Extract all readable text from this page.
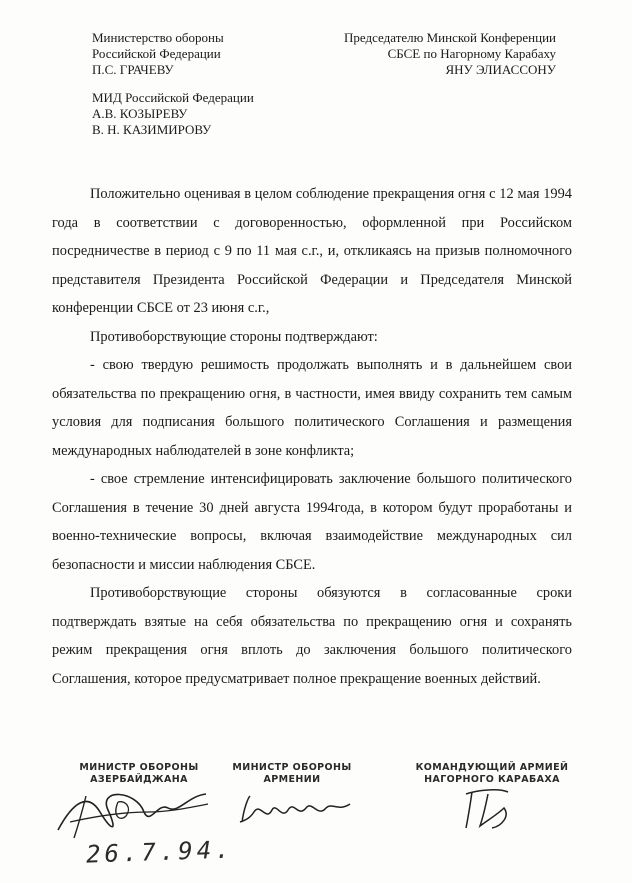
Министерство обороны
Российской Федерации
П.С. ГРАЧЕВУ
Председателю Минской Конференции
СБСЕ по Нагорному Карабаху
ЯНУ ЭЛИАССОНУ
МИД Российской Федерации
А.В. КОЗЫРЕВУ
В. Н. КАЗИМИРОВУ

Положительно оценивая в целом соблюдение прекращения огня с 12 мая 1994 года в соответствии с договоренностью, оформленной при Российском посредничестве в период с 9 по 11 мая с.г., и, откликаясь на призыв полномочного представителя Президента Российской Федерации и Председателя Минской конференции СБСЕ от 23 июня с.г.,

Противоборствующие стороны подтверждают:

- свою твердую решимость продолжать выполнять и в дальнейшем свои обязательства по прекращению огня, в частности, имея ввиду сохранить тем самым условия для подписания большого политического Соглашения и размещения международных наблюдателей в зоне конфликта;

- свое стремление интенсифицировать заключение большого политического Соглашения в течение 30 дней августа 1994года, в котором будут проработаны и военно-технические вопросы, включая взаимодействие международных сил безопасности и миссии наблюдения СБСЕ.

Противоборствующие стороны обязуются в согласованные сроки подтверждать взятые на себя обязательства по прекращению огня и сохранять режим прекращения огня вплоть до заключения большого политического Соглашения, которое предусматривает полное прекращение военных действий.

МИНИСТР ОБОРОНЫ
АЗЕРБАЙДЖАНА
МИНИСТР ОБОРОНЫ
АРМЕНИИ
КОМАНДУЮЩИЙ АРМИЕЙ
НАГОРНОГО КАРАБАХА
26.7.94.
